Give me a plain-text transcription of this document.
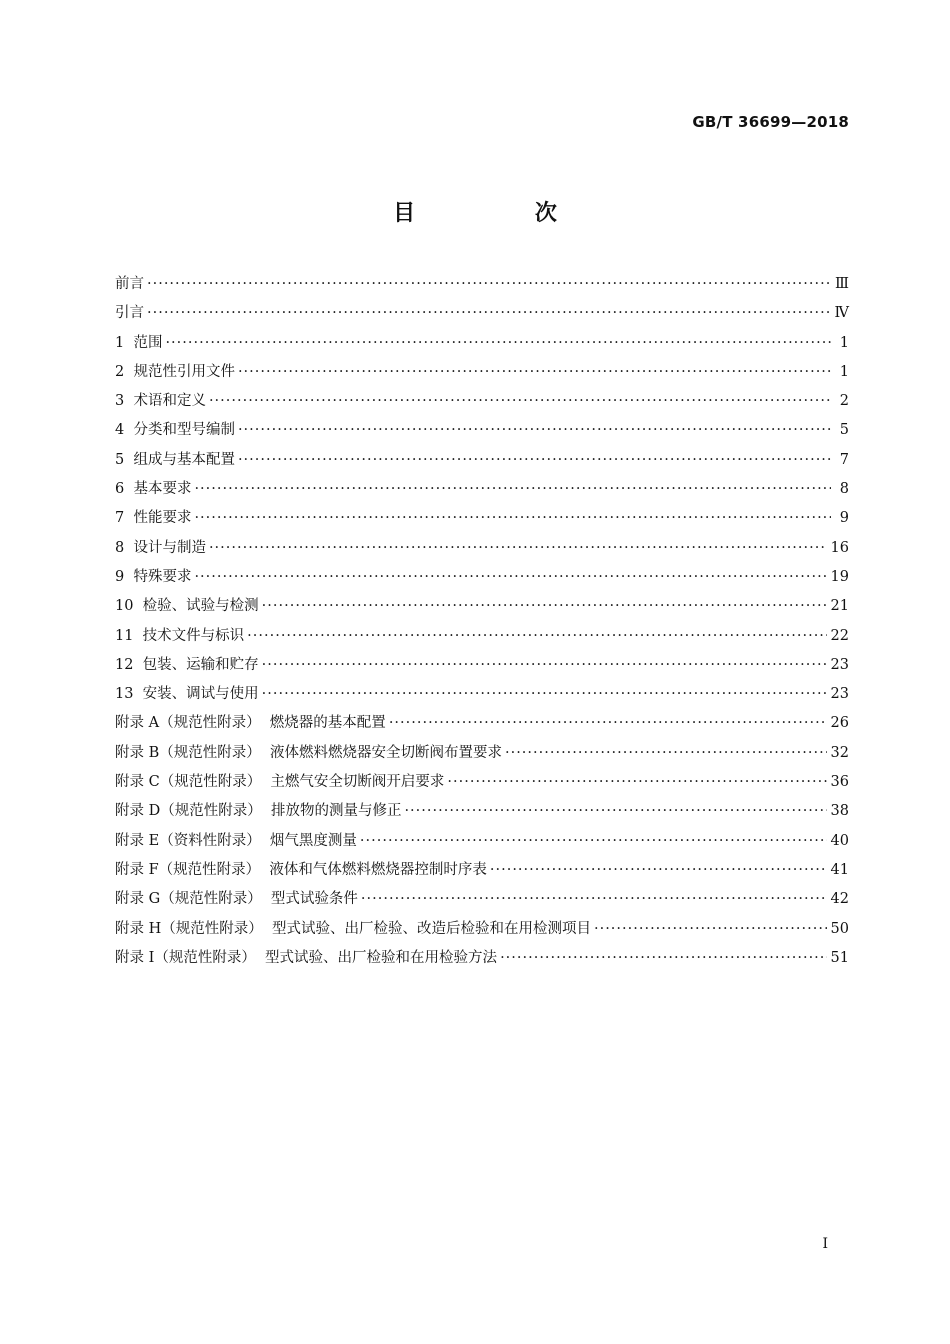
GB/T 36699—2018
目 次
前言 ·····	Ⅲ
引言 ·····	Ⅳ
1  范围 ·····	1
2  规范性引用文件 ·····	1
3  术语和定义 ·····	2
4  分类和型号编制 ·····	5
5  组成与基本配置 ·····	7
6  基本要求 ·····	8
7  性能要求 ·····	9
8  设计与制造 ·····	16
9  特殊要求 ·····	19
10  检验、试验与检测 ·····	21
11  技术文件与标识 ·····	22
12  包装、运输和贮存 ·····	23
13  安装、调试与使用 ·····	23
附录 A（规范性附录）  燃烧器的基本配置 ·····	26
附录 B（规范性附录）  液体燃料燃烧器安全切断阀布置要求 ·····	32
附录 C（规范性附录）  主燃气安全切断阀开启要求 ·····	36
附录 D（规范性附录）  排放物的测量与修正 ·····	38
附录 E（资料性附录）  烟气黑度测量 ·····	40
附录 F（规范性附录）  液体和气体燃料燃烧器控制时序表 ·····	41
附录 G（规范性附录）  型式试验条件 ·····	42
附录 H（规范性附录）  型式试验、出厂检验、改造后检验和在用检测项目 ·····	50
附录 I（规范性附录）  型式试验、出厂检验和在用检验方法 ·····	51
I
